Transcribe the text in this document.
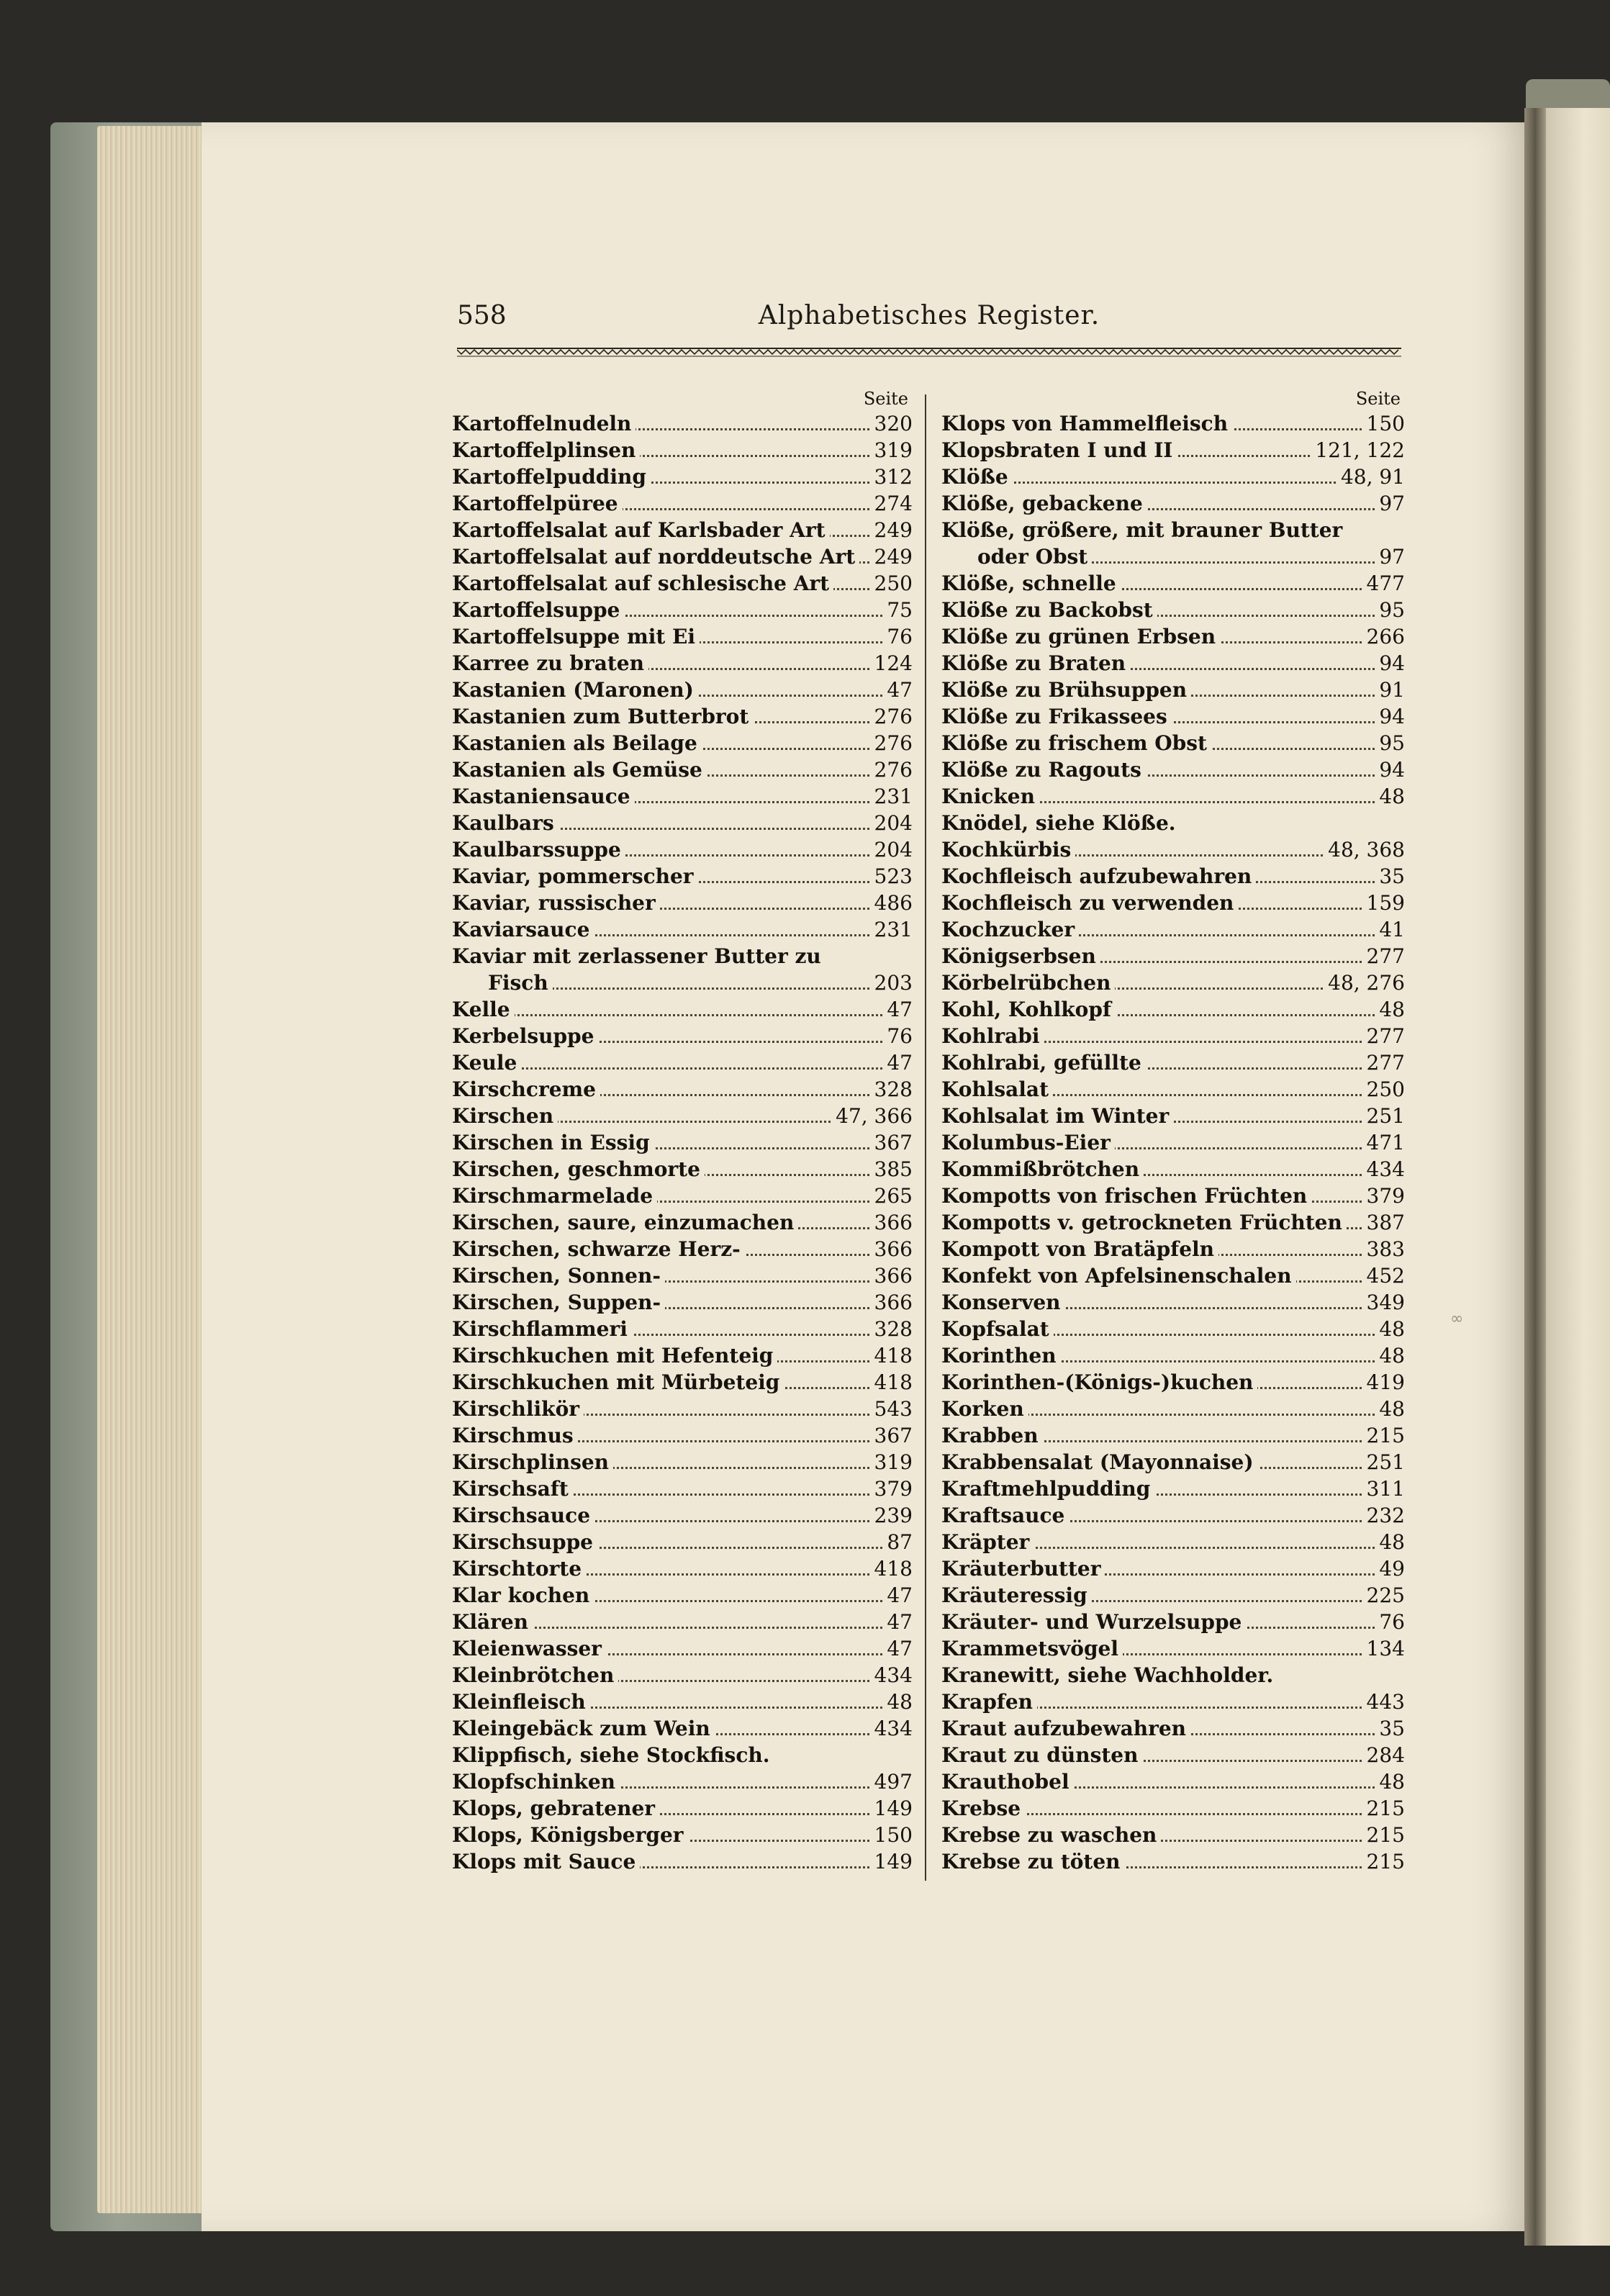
558	Alphabetisches Register.
Seite
Kartoffelnudeln	320
Kartoffelplinsen	319
Kartoffelpudding	312
Kartoffelpüree	274
Kartoffelsalat auf Karlsbader Art 249
Kartoffelsalat auf norddeutsche Art 249
Kartoffelsalat auf schlesische Art 250
Kartoffelsuppe	75
Kartoffelsuppe mit Ei	76
Karree zu braten	124
Kastanien (Maronen)	47
Kastanien zum Butterbrot	276
Kastanien als Beilage	276
Kastanien als Gemüse	276
Kastaniensauce	231
Kaulbars	204
Kaulbarssuppe	204
Kaviar, pommerscher	523
Kaviar, russischer	486
Kaviarsauce	231
Kaviar mit zerlassener Butter zu
Fisch	203
Kelle	47
Kerbelsuppe	76
Keule	47
Kirschcreme	328
Kirschen	47, 366
Kirschen in Essig	367
Kirschen, geschmorte	385
Kirschmarmelade	265
Kirschen, saure, einzumachen	366
Kirschen, schwarze Herz-	366
Kirschen, Sonnen-	366
Kirschen, Suppen-	366
Kirschflammeri	328
Kirschkuchen mit Hefenteig	418
Kirschkuchen mit Mürbeteig	418
Kirschlikör	543
Kirschmus	367
Kirschplinsen	319
Kirschsaft	379
Kirschsauce	239
Kirschsuppe	87
Kirschtorte	418
Klar kochen	47
Klären	47
Kleienwasser	47
Kleinbrötchen	434
Kleinfleisch	48
Kleingebäck zum Wein	434
Klippfisch, siehe Stockfisch.
Klopfschinken	497
Klops, gebratener	149
Klops, Königsberger	150
Klops mit Sauce	149
Seite
Klops von Hammelfleisch	150
Klopsbraten I und II	121, 122
Klöße	48, 91
Klöße, gebackene	97
Klöße, größere, mit brauner Butter
oder Obst	97
Klöße, schnelle	477
Klöße zu Backobst	95
Klöße zu grünen Erbsen	266
Klöße zu Braten	94
Klöße zu Brühsuppen	91
Klöße zu Frikassees	94
Klöße zu frischem Obst	95
Klöße zu Ragouts	94
Knicken	48
Knödel, siehe Klöße.
Kochkürbis	48, 368
Kochfleisch aufzubewahren	35
Kochfleisch zu verwenden	159
Kochzucker	41
Königserbsen	277
Körbelrübchen	48, 276
Kohl, Kohlkopf	48
Kohlrabi	277
Kohlrabi, gefüllte	277
Kohlsalat	250
Kohlsalat im Winter	251
Kolumbus-Eier	471
Kommißbrötchen	434
Kompotts von frischen Früchten	379
Kompotts v. getrockneten Früchten 387
Kompott von Bratäpfeln	383
Konfekt von Apfelsinenschalen	452
Konserven	349
Kopfsalat	48
Korinthen	48
Korinthen-(Königs-)kuchen	419
Korken	48
Krabben	215
Krabbensalat (Mayonnaise)	251
Kraftmehlpudding	311
Kraftsauce	232
Kräpter	48
Kräuterbutter	49
Kräuteressig	225
Kräuter- und Wurzelsuppe	76
Krammetsvögel	134
Kranewitt, siehe Wachholder.
Krapfen	443
Kraut aufzubewahren	35
Kraut zu dünsten	284
Krauthobel	48
Krebse	215
Krebse zu waschen	215
Krebse zu töten	215
∞
